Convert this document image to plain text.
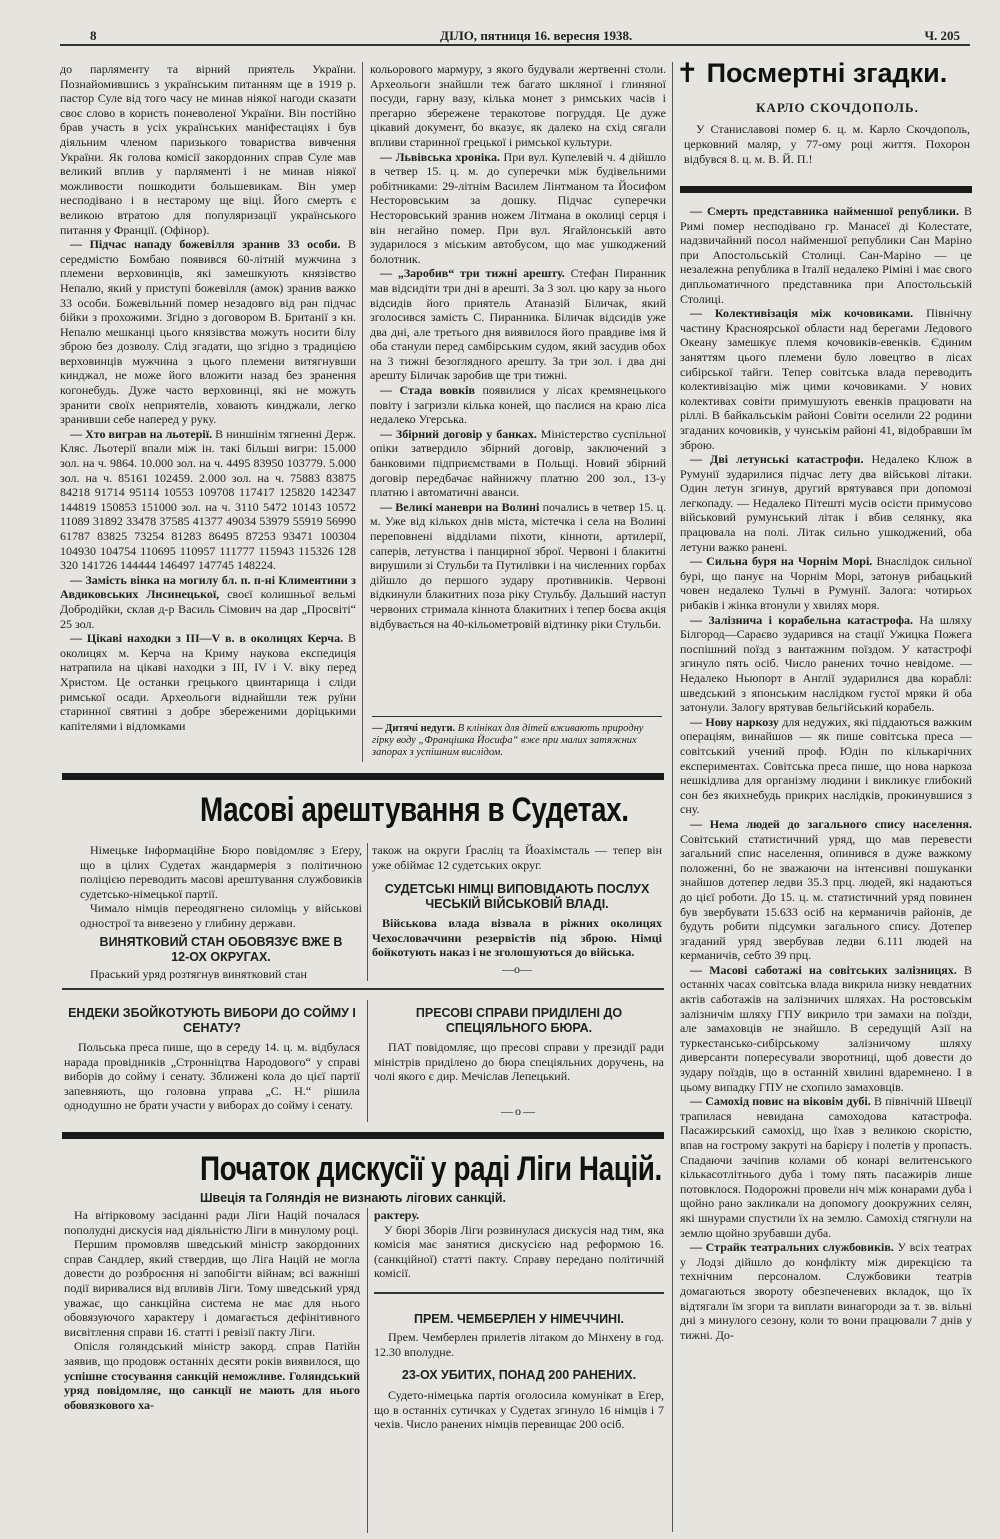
8	ДІЛО, пятниця 16. вересня 1938.	Ч. 205

до парляменту та вірний приятель України. Познайомившись з українським питанням ще в 1919 р. пастор Суле від того часу не минав ніякої нагоди сказати своє слово в користь поневоленої України. Він постійно брав участь в усіх українських маніфестаціях і був діяльним членом паризького товариства вивчення України. Як голова комісії закордонних справ Суле мав великий вплив у парляменті і не минав ніякої можливости пошкодити большевикам. Він умер несподівано і в нестарому ще віці. Його смерть є великою втратою для популяризації українського питання у Франції. (Офінор).

— Підчас нападу божевілля зранив 33 особи. В середмістю Бомбаю появився 60-літній мужчина з племени верховинців, які замешкують князівство Непалю, який у приступі божевілля (амок) зранив важко 33 особи. Божевільний помер незадовго від ран підчас бійки з прохожими. Згідно з договором В. Британії з кн. Непалю мешканці цього князівства можуть носити білу зброю без дозволу. Слід згадати, що згідно з традицією верховинців мужчина з цього племени витягнувши кинджал, не може його вложити назад без зранення когонебудь. Дуже часто верховинці, які не можуть зранити своїх неприятелів, ховають кинджали, легко зранивши себе наперед у руку.

— Хто виграв на льотерії. В ниншінім тягненні Держ. Кляс. Льотерії впали між ін. такі більші вигри: 15.000 зол. на ч. 9864. 10.000 зол. на ч. 4495 83950 103779. 5.000 зол. на ч. 85161 102459. 2.000 зол. на ч. 75883 83875 84218 91714 95114 10553 109708 117417 125820 142347 144819 150853 151000 зол. на ч. 3110 5472 10143 10572 11089 31892 33478 37585 41377 49034 53979 55919 56990 61787 83825 73254 81283 86495 87253 93471 100304 104930 104754 110695 110957 111777 115943 115326 128 320 141726 144444 146497 147745 148224.

— Замість вінка на могилу бл. п. п-ні Климентини з Авдиковських Лисинецької, своєї колишньої вельмі Добродійки, склав д-р Василь Сімович на дар „Просвіті“ 25 зол.

— Цікаві находки з III—V в. в околицях Керча. В околицях м. Керча на Криму наукова експедиція натрапила на цікаві находки з III, IV і V. віку перед Христом. Це останки грецького цвинтарища і сліди римської осади. Археольоги віднайшли теж руїни старинної святині з добре збереженими доріцькими капітелями і відломками

кольорового мармуру, з якого будували жертвенні столи. Археольоги знайшли теж багато шкляної і глиняної посуди, гарну вазу, кілька монет з римських часів і прегарно збережене теракотове погруддя. Це дуже цікавий документ, бо вказує, як далеко на схід сягали впливи старинної грецької і римської культури.

— Львівська хроніка. При вул. Купелевій ч. 4 дійшло в четвер 15. ц. м. до суперечки між будівельними робітниками: 29-літнім Василем Лінтманом та Йосифом Несторовським за дошку. Підчас суперечки Несторовський зранив ножем Літмана в околиці серця і він негайно помер. При вул. Ягайлонській авто зударилося з міським автобусом, що має ушкоджений болотник.

— „Заробив“ три тижні арешту. Стефан Пиранник мав відсидіти три дні в арешті. За 3 зол. цю кару за нього відсидів його приятель Атаназій Біличак, який зголосився замість С. Пиранника. Біличак відсидів уже два дні, але третього дня виявилося його правдиве імя й оба станули перед самбірським судом, який засудив обох на 3 тижні безоглядного арешту. За три зол. і два дні арешту Біличак заробив ще три тижні.

— Стада вовків появилися у лісах кремянецького повіту і загризли кілька коней, що паслися на краю ліса недалеко Угерська.

— Збірний договір у банках. Міністерство суспільної опіки затвердило збірний договір, заключений з банковими підприємствами в Польщі. Новий збірний договір передбачає найнижчу платню 200 зол., 13-у платню і автоматичні аванси.

— Великі маневри на Волині почались в четвер 15. ц. м. Уже від кількох днів міста, містечка і села на Волині переповнені відділами піхоти, кінноти, артилерії, саперів, летунства і панцирної зброї. Червоні і блакитні вирушили зі Стульби та Путилівки і на численних горбах дійшло до першого зудару противників. Червоні відкинули блакитних поза ріку Стульбу. Дальший наступ червоних стримала кіннота блакитних і тепер боєва акція відбувається на 40-кільометровій відтинку ріки Стульби.

— Дитячі недуги. В клініках для дітей вживають природну гірку воду „Францішка Йосифа“ вже при малих затяжних запорах з успішним вислідом.
✝ Посмертні згадки.
КАРЛО СКОЧДОПОЛЬ.
У Станиславові помер 6. ц. м. Карло Скочдополь, церковний маляр, у 77-ому році життя. Похорон відбувся 8. ц. м. В. Й. П.!

— Смерть представника найменшої републики. В Римі помер несподівано гр. Манасеї ді Колестате, надзвичайний посол найменшої републики Сан Маріно при Апостольській Столиці. Сан-Маріно — це незалежна република в Італії недалеко Ріміні і має свого дипльоматичного представника при Апостольській Столиці.

— Колективізація між кочовиками. Північну частину Красноярської области над берегами Ледового Океану замешкує племя кочовиків-евенків. Єдиним заняттям цього племени було ловецтво в лісах сибірської тайги. Тепер совітська влада переводить колективізацію між цими кочовиками. У нових колективах совіти примушують евенків працювати на ріллі. В байкальськім районі Совіти оселили 22 родини згаданих кочовиків, у чунськім районі 41, відобравши їм зброю.

— Дві летунські катастрофи. Недалеко Клюж в Румунії зударилися підчас лету два військові літаки. Один летун згинув, другий врятувався при допомозі легкопаду. — Недалеко Пітешті мусів осісти примусово військовий румунський літак і вбив селянку, яка працювала на полі. Літак сильно ушкоджений, оба летуни важко ранені.

— Сильна буря на Чорнім Морі. Внаслідок сильної бурі, що панує на Чорнім Морі, затонув рибацький човен недалеко Тульчі в Румунії. Залога: чотирьох рибаків і жінка втонули у хвилях моря.

— Залізнича і корабельна катастрофа. На шляху Білгород—Сараєво зударився на стації Ужицка Пожега поспішний поїзд з вантажним поїздом. У катастрофі згинуло пять осіб. Число ранених точно невідоме. — Недалеко Ньюпорт в Англії зударилися два кораблі: шведський з японським наслідком густої мряки й оба затонули. Залогу врятував бельгійський корабель.

— Нову наркозу для недужих, які піддаються важким операціям, винайшов — як пише совітська преса — совітський учений проф. Юдін по кількарічних експериментах. Совітська преса пише, що нова наркоза нешкідлива для організму людини і викликує глибокий сон без якихнебудь прикрих наслідків, прокинувшися з сну.

— Нема людей до загального спису населення. Совітський статистичний уряд, що мав перевести загальний спис населення, опинився в дуже важкому положенні, бо не зважаючи на інтенсивні пошуканки знайшов дотепер ледви 35.3 прц. людей, які надаються до цієї роботи. До 15. ц. м. статистичний уряд повинен був звербувати 15.633 осіб на керманичів районів, де будуть робити підсумки загального спису. Дотепер згаданий уряд звербував ледви 6.111 людей на керманичів, себто 39 прц.

— Масові саботажі на совітських залізницях. В останніх часах совітська влада викрила низку невдатних актів саботажів на залізничих шляхах. На ростовськім залізничім шляху ГПУ викрило три замахи на поїзди, але замаховців не знайшло. В середущій Азії на туркестансько-сибірському залізничому шляху диверсанти попересували зворотниці, щоб довести до зудару поїздів, що в останній хвилині вдаремнено. І в цьому випадку ГПУ не схопило замаховців.

— Самохід повис на віковім дубі. В північній Швеції трапилася невидана самоходова катастрофа. Пасажирський самохід, що їхав з великою скорістю, впав на гострому закруті на барієру і полетів у пропасть. Спадаючи зачіпив колами об конарі велитенського кількасотлітнього дуба і тому пять пасажирів лише потовклося. Подорожні провели ніч між конарами дуба і щойно рано закликали на допомогу доокружних селян, які шнурами спустили їх на землю. Самохід стягнули на землю щойно зрубавши дуба.

— Страйк театральних службовиків. У всіх театрах у Лодзі дійшло до конфлікту між дирекцією та технічним персоналом. Службовики театрів домагаються звороту обезпеченевих вкладок, що їх відтягали їм згори та виплати винагороди за т. зв. вільні дні з минулого сезону, коли то вони працювали 7 днів у тижні. До-

Масові арештування в Судетах.

Німецьке Інформаційне Бюро повідомляє з Еґеру, що в цілих Судетах жандармерія з політичною поліцією переводить масові арештування службовиків судетсько-німецької партії.

Чимало німців переодягнено силоміць у військові однострої та вивезено у глибину держави.

ВИНЯТКОВИЙ СТАН ОБОВЯЗУЄ ВЖЕ В 12-ОХ ОКРУГАХ.

Праський уряд розтягнув винятковий стан

також на округи Ґрасліц та Йоахімсталь — тепер він уже обіймає 12 судетських округ.

СУДЕТСЬКІ НІМЦІ ВИПОВІДАЮТЬ ПОСЛУХ ЧЕСЬКІЙ ВІЙСЬКОВІЙ ВЛАДІ.

Військова влада візвала в ріжних околицях Чехословаччини резервістів під зброю. Німці бойкотують наказ і не зголошуються до війська.

—o—
ЕНДЕКИ ЗБОЙКОТУЮТЬ ВИБОРИ ДО СОЙМУ І СЕНАТУ?
Польська преса пише, що в середу 14. ц. м. відбулася нарада провідників „Стронніцтва Народового“ у справі виборів до сойму і сенату. Зближені кола до цієї партії запевняють, що головна управа „С. Н.“ рішила однодушно не брати участи у виборах до сойму і сенату.
ПРЕСОВІ СПРАВИ ПРИДІЛЕНІ ДО СПЕЦІЯЛЬНОГО БЮРА.
ПАТ повідомляє, що пресові справи у президії ради міністрів приділено до бюра спеціяльних доручень, на чолі якого є дир. Мечіслав Лепецький.
—o—
Початок дискусії у раді Ліги Націй.
Швеція та Голяндія не визнають лігових санкцій.

На вітірковому засіданні ради Ліги Націй почалася пополудні дискусія над діяльністю Ліги в минулому році.

Першим промовляв шведський міністр закордонних справ Сандлер, який ствердив, що Ліга Націй не могла довести до розброєння ні запобігти війнам; всі важніші події виривалися від впливів Ліги. Тому шведський уряд уважає, що санкційна система не має для нього обовязуючого характеру і домагається дефінітивного висвітлення справи 16. статті і ревізії пакту Ліги.

Опісля голяндський міністр закорд. справ Патійн заявив, що продовж останніх десяти років виявилося, що успішне стосування санкцій неможливе. Голяндський уряд повідомляє, що санкції не мають для нього обовязкового ха-

рактеру.

У бюрі Зборів Ліги розвинулася дискусія над тим, яка комісія має занятися дискусією над реформою 16. (санкційної) статті пакту. Справу передано політичній комісії.

ПРЕМ. ЧЕМБЕРЛЕН У НІМЕЧЧИНІ.
Прем. Чемберлен прилетів літаком до Мінхену в год. 12.30 вполудне.
23-ОХ УБИТИХ, ПОНАД 200 РАНЕНИХ.
Судето-німецька партія оголосила комунікат в Еґер, що в останніх сутичках у Судетах згинуло 16 німців і 7 чехів. Число ранених німців перевищає 200 осіб.
